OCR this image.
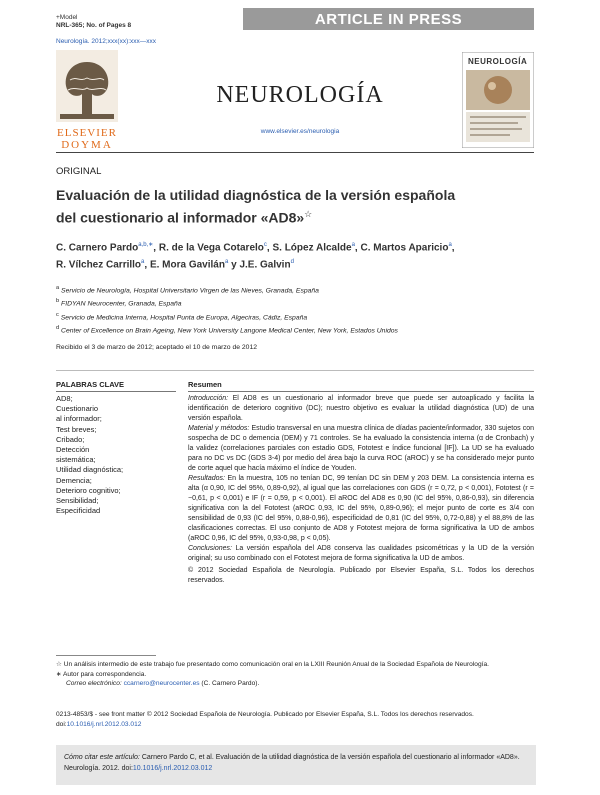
+Model
NRL-365; No. of Pages 8	ARTICLE IN PRESS
Neurología. 2012;xxx(xx):xxx—xxx
ELSEVIER
DOYMA
NEUROLOGÍA
www.elsevier.es/neurologia
NEUROLOGÍA
ORIGINAL
Evaluación de la utilidad diagnóstica de la versión española
del cuestionario al informador «AD8»☆
C. Carnero Pardo$^{a,b,∗}$, R. de la Vega Cotarelo$^c$, S. López Alcalde$^a$, C. Martos Aparicio$^a$,
R. Vílchez Carrillo$^a$, E. Mora Gavilán$^a$ y J.E. Galvin$^d$
$^a$ Servicio de Neurología, Hospital Universitario Virgen de las Nieves, Granada, España
$^b$ FIDYAN Neurocenter, Granada, España
$^c$ Servicio de Medicina Interna, Hospital Punta de Europa, Algeciras, Cádiz, España
$^d$ Center of Excellence on Brain Ageing, New York University Langone Medical Center, New York, Estados Unidos
Recibido el 3 de marzo de 2012; aceptado el 10 de marzo de 2012
PALABRAS CLAVE
AD8;
Cuestionario
al informador;
Test breves;
Cribado;
Detección
sistemática;
Utilidad diagnóstica;
Demencia;
Deterioro cognitivo;
Sensibilidad;
Especificidad
Resumen

Introducción: El AD8 es un cuestionario al informador breve que puede ser autoaplicado y facilita la identificación de deterioro cognitivo (DC); nuestro objetivo es evaluar la utilidad diagnóstica (UD) de una versión española.

Material y métodos: Estudio transversal en una muestra clínica de díadas paciente/informador, 330 sujetos con sospecha de DC o demencia (DEM) y 71 controles. Se ha evaluado la consistencia interna (α de Cronbach) y la validez (correlaciones parciales con estadio GDS, Fototest e índice funcional [IF]). La UD se ha evaluado para no DC vs DC (GDS 3-4) por medio del área bajo la curva ROC (aROC) y se ha considerado mejor punto de corte aquel que hacía máximo el índice de Youden.

Resultados: En la muestra, 105 no tenían DC, 99 tenían DC sin DEM y 203 DEM. La consistencia interna es alta (α 0,90, IC del 95%, 0,89-0,92), al igual que las correlaciones con GDS (r = 0,72, p < 0,001), Fototest (r = −0,61, p < 0,001) e IF (r = 0,59, p < 0,001). El aROC del AD8 es 0,90 (IC del 95%, 0,86-0,93), sin diferencia significativa con la del Fototest (aROC 0,93, IC del 95%, 0,89-0,96); el mejor punto de corte es 3/4 con sensibilidad de 0,93 (IC del 95%, 0,88-0,96), especificidad de 0,81 (IC del 95%, 0,72-0,88) y el 88,8% de las clasificaciones correctas. El uso conjunto de AD8 y Fototest mejora de forma significativa la UD de ambos (aROC 0,96, IC del 95%, 0,93-0,98, p < 0,05).

Conclusiones: La versión española del AD8 conserva las cualidades psicométricas y la UD de la versión original; su uso combinado con el Fototest mejora de forma significativa la UD de ambos.

© 2012 Sociedad Española de Neurología. Publicado por Elsevier España, S.L. Todos los derechos reservados.

☆ Un análisis intermedio de este trabajo fue presentado como comunicación oral en la LXIII Reunión Anual de la Sociedad Española de Neurología.
∗ Autor para correspondencia.
Correo electrónico: ccarnero@neurocenter.es (C. Carnero Pardo).
0213-4853/$ - see front matter © 2012 Sociedad Española de Neurología. Publicado por Elsevier España, S.L. Todos los derechos reservados.
doi:10.1016/j.nrl.2012.03.012
Cómo citar este artículo: Carnero Pardo C, et al. Evaluación de la utilidad diagnóstica de la versión española del cuestionario al informador «AD8». Neurología. 2012. doi:10.1016/j.nrl.2012.03.012
